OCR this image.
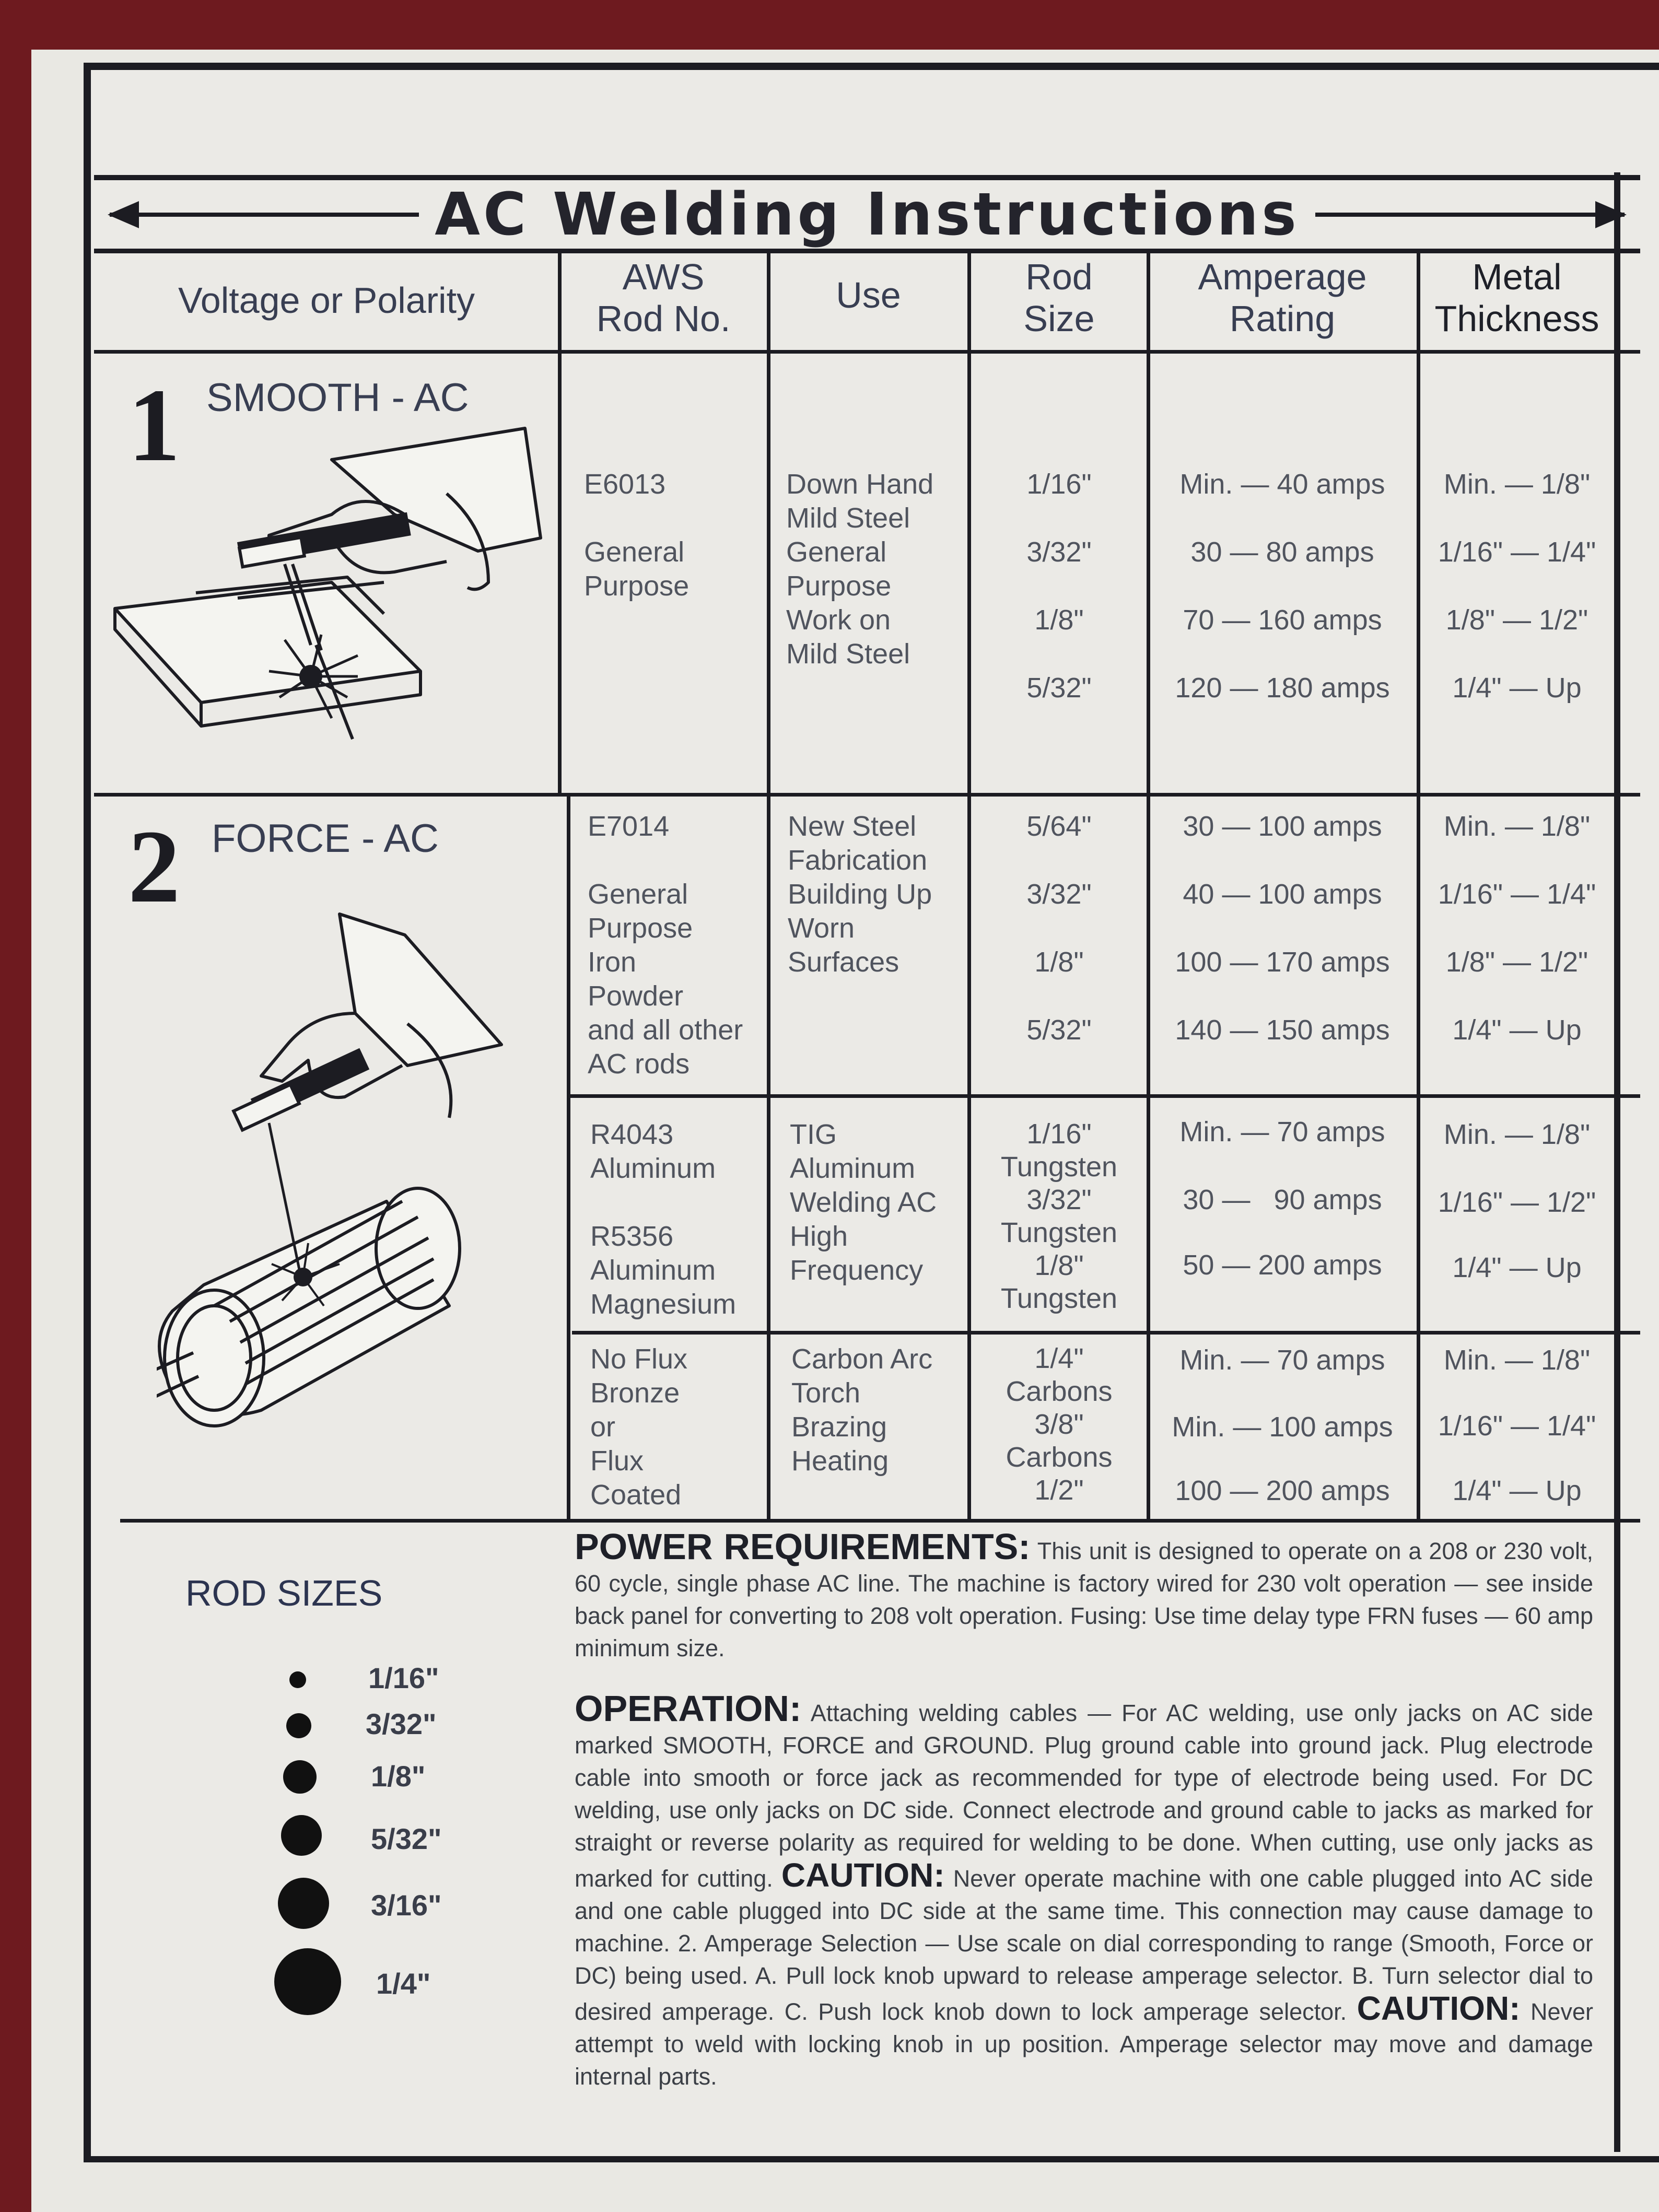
AC Welding Instructions
Voltage or Polarity
AWS
Rod No.
Use	Rod
Size
Amperage
Rating
Metal
Thickness
1 SMOOTH - AC
E6013

General
Purpose
Down Hand
Mild Steel
General
Purpose
Work on
Mild Steel
1/16"
3/32"
1/8"
5/32"
Min. — 40 amps
30 — 80 amps
70 — 160 amps
120 — 180 amps
Min. — 1/8"
1/16" — 1/4"
1/8" — 1/2"
1/4" — Up
2 FORCE - AC	E7014

General
Purpose
Iron
Powder
and all other
AC rods
New Steel
Fabrication
Building Up
Worn
Surfaces
5/64"
3/32"
1/8"
5/32"
30 — 100 amps
40 — 100 amps
100 — 170 amps
140 — 150 amps
Min. — 1/8"
1/16" — 1/4"
1/8" — 1/2"
1/4" — Up
R4043
Aluminum

R5356
Aluminum
Magnesium
TIG
Aluminum
Welding AC
High
Frequency
1/16"
Tungsten
3/32"
Tungsten
1/8"
Tungsten
Min. — 70 amps
30 —   90 amps
50 — 200 amps
Min. — 1/8"
1/16" — 1/2"
1/4" — Up
No Flux
Bronze
or
Flux
Coated
Carbon Arc
Torch
Brazing
Heating
1/4"
Carbons
3/8"
Carbons
1/2"
Min. — 70 amps
Min. — 100 amps
100 — 200 amps
Min. — 1/8"
1/16" — 1/4"
1/4" — Up
ROD SIZES
1/16"
3/32"
1/8"
5/32"
3/16"
1/4"
POWER REQUIREMENTS: This unit is designed to operate on a 208 or 230 volt, 60 cycle, single phase AC line. The machine is factory wired for 230 volt operation — see inside back panel for converting to 208 volt operation. Fusing: Use time delay type FRN fuses — 60 amp minimum size.
OPERATION: Attaching welding cables — For AC welding, use only jacks on AC side marked SMOOTH, FORCE and GROUND. Plug ground cable into ground jack. Plug electrode cable into smooth or force jack as recommended for type of electrode being used. For DC welding, use only jacks on DC side. Connect electrode and ground cable to jacks as marked for straight or reverse polarity as required for welding to be done. When cutting, use only jacks as marked for cutting. CAUTION: Never operate machine with one cable plugged into AC side and one cable plugged into DC side at the same time. This connection may cause damage to machine. 2. Amperage Selection — Use scale on dial corresponding to range (Smooth, Force or DC) being used. A. Pull lock knob upward to release amperage selector. B. Turn selector dial to desired amperage. C. Push lock knob down to lock amperage selector. CAUTION: Never attempt to weld with locking knob in up position. Amperage selector may move and damage internal parts.
